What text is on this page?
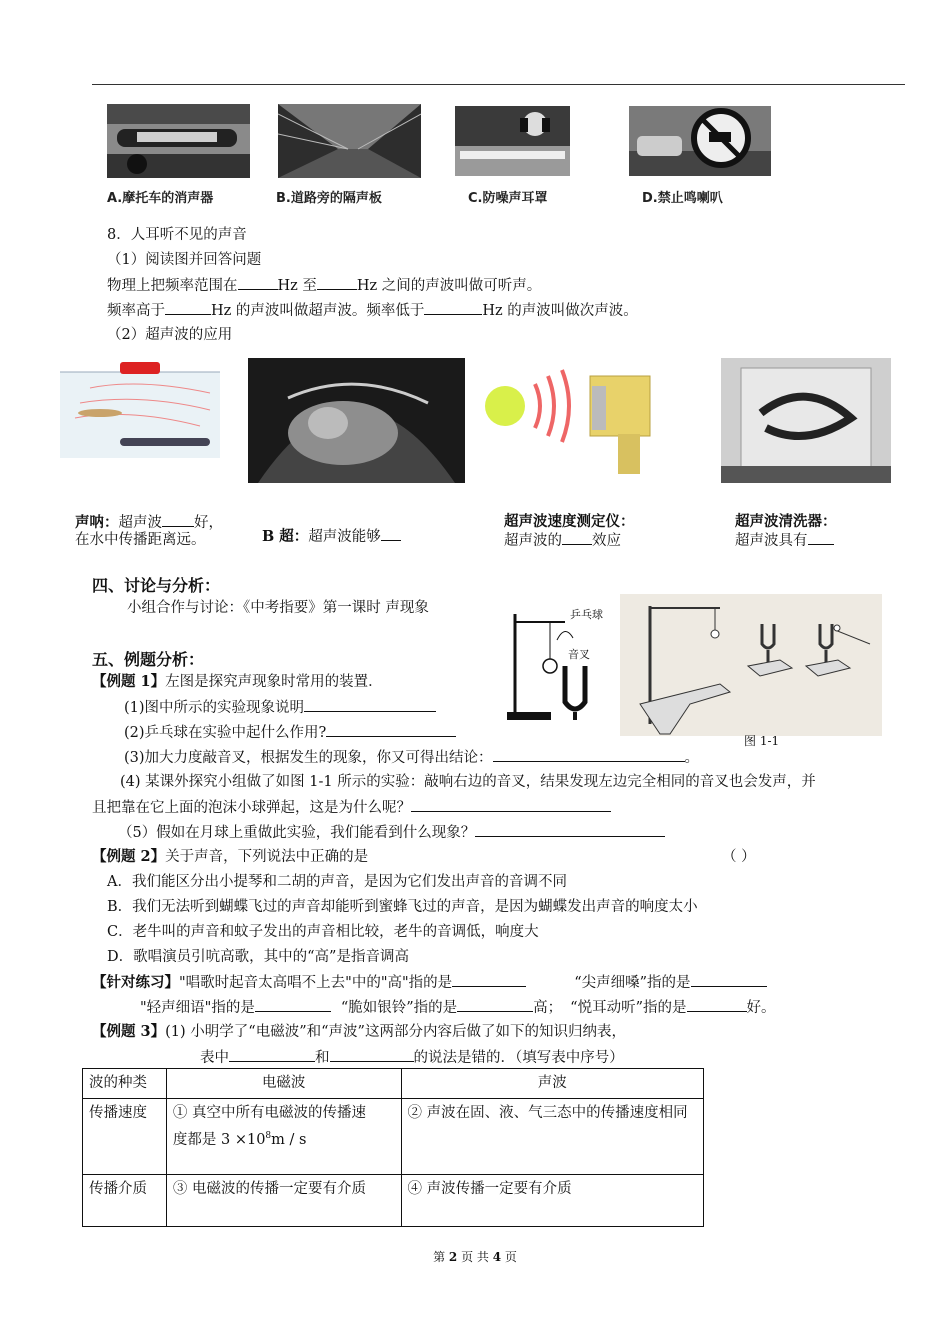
A.摩托车的消声器	B.道路旁的隔声板	C.防噪声耳罩	D.禁止鸣喇叭
8．人耳听不见的声音
（1）阅读图并回答问题
物理上把频率范围在	Hz 至	Hz 之间的声波叫做可听声。
频率高于	Hz 的声波叫做超声波。频率低于	Hz 的声波叫做次声波。
（2）超声波的应用
声呐：超声波 好，
在水中传播距离远。	B 超：超声波能够
超声波速度测定仪：
超声波的 效应
超声波清洗器：
超声波具有
四、讨论与分析：
小组合作与讨论：《中考指要》第一课时 声现象	乒乓球
音叉
图 1-1
五、例题分析：
【例题 1】左图是探究声现象时常用的装置．
(1)图中所示的实验现象说明
(2)乒乓球在实验中起什么作用?
(3)加大力度敲音叉，根据发生的现象，你又可得出结论：	。
(4) 某课外探究小组做了如图 1-1 所示的实验：敲响右边的音叉，结果发现左边完全相同的音叉也会发声，并
且把靠在它上面的泡沫小球弹起，这是为什么呢？
（5）假如在月球上重做此实验，我们能看到什么现象？
【例题 2】关于声音，下列说法中正确的是	（ ）
A．我们能区分出小提琴和二胡的声音，是因为它们发出声音的音调不同
B．我们无法听到蝴蝶飞过的声音却能听到蜜蜂飞过的声音，是因为蝴蝶发出声音的响度太小
C．老牛叫的声音和蚊子发出的声音相比较，老牛的音调低，响度大
D．歌唱演员引吭高歌，其中的“高”是指音调高
【针对练习】"唱歌时起音太高唱不上去"中的"高"指的是	“尖声细嗓”指的是
"轻声细语"指的是	“脆如银铃”指的是	高； “悦耳动听”指的是	好。
【例题 3】(1) 小明学了“电磁波”和“声波”这两部分内容后做了如下的知识归纳表，
表中	和	的说法是错的．（填写表中序号）
波的种类	电磁波	声波
传播速度	① 真空中所有电磁波的传播速
度都是 $3 \times 10^8m / s$	② 声波在固、液、气三态中的传播速度相同
传播介质	③ 电磁波的传播一定要有介质	④ 声波传播一定要有介质
第 2 页 共 4 页
